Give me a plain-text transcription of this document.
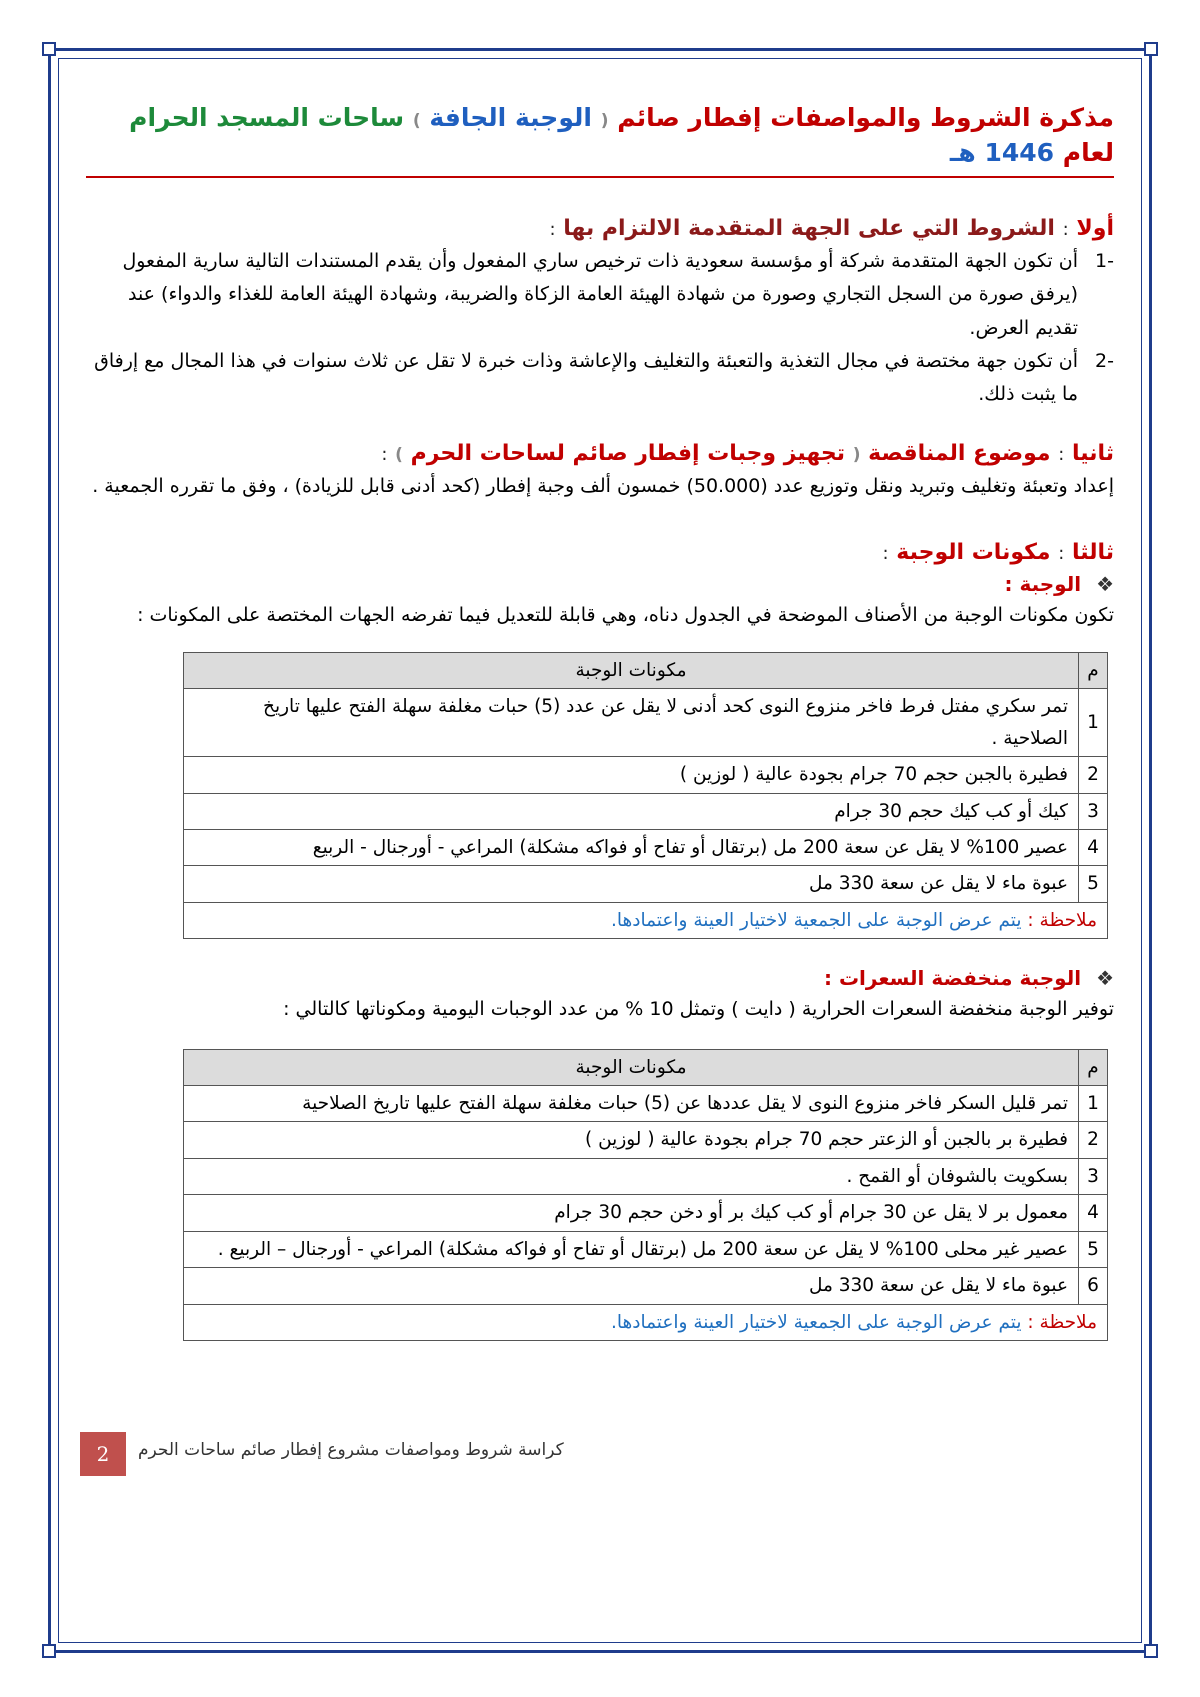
مذكرة الشروط والمواصفات إفطار صائم ( الوجبة الجافة ) ساحات المسجد الحرام لعام 1446 هـ
أولا : الشروط التي على الجهة المتقدمة الالتزام بها :
-1
أن تكون الجهة المتقدمة شركة أو مؤسسة سعودية ذات ترخيص ساري المفعول وأن يقدم المستندات التالية سارية المفعول (يرفق صورة من السجل التجاري وصورة من شهادة الهيئة العامة الزكاة والضريبة، وشهادة الهيئة العامة للغذاء والدواء) عند تقديم العرض.
-2
أن تكون جهة مختصة في مجال التغذية والتعبئة والتغليف والإعاشة وذات خبرة لا تقل عن ثلاث سنوات في هذا المجال مع إرفاق ما يثبت ذلك.
ثانيا : موضوع المناقصة ( تجهيز وجبات إفطار صائم لساحات الحرم ) :

إعداد وتعبئة وتغليف وتبريد ونقل وتوزيع عدد (50.000) خمسون ألف وجبة إفطار (كحد أدنى قابل للزيادة) ، وفق ما تقرره الجمعية .

ثالثا : مكونات الوجبة :
❖ الوجبة :

تكون مكونات الوجبة من الأصناف الموضحة في الجدول دناه، وهي قابلة للتعديل فيما تفرضه الجهات المختصة على المكونات :

م	مكونات الوجبة
1	تمر سكري مفتل فرط فاخر منزوع النوى كحد أدنى لا يقل عن عدد (5) حبات مغلفة سهلة الفتح عليها تاريخ الصلاحية .
2	فطيرة بالجبن حجم 70 جرام بجودة عالية ( لوزين )
3	كيك أو كب كيك حجم 30 جرام
4	عصير 100% لا يقل عن سعة 200 مل (برتقال أو تفاح أو فواكه مشكلة) المراعي - أورجنال - الربيع
5	عبوة ماء لا يقل عن سعة 330 مل
ملاحظة : يتم عرض الوجبة على الجمعية لاختيار العينة واعتمادها.	
❖ الوجبة منخفضة السعرات :

توفير الوجبة منخفضة السعرات الحرارية ( دايت ) وتمثل 10 % من عدد الوجبات اليومية ومكوناتها كالتالي :

م	مكونات الوجبة
1	تمر قليل السكر فاخر منزوع النوى لا يقل عددها عن (5) حبات مغلفة سهلة الفتح عليها تاريخ الصلاحية
2	فطيرة بر بالجبن أو الزعتر حجم 70 جرام بجودة عالية ( لوزين )
3	بسكويت بالشوفان أو القمح .
4	معمول بر لا يقل عن 30 جرام أو كب كيك بر أو دخن حجم 30 جرام
5	عصير غير محلى 100% لا يقل عن سعة 200 مل (برتقال أو تفاح أو فواكه مشكلة) المراعي - أورجنال – الربيع .
6	عبوة ماء لا يقل عن سعة 330 مل
ملاحظة : يتم عرض الوجبة على الجمعية لاختيار العينة واعتمادها.	
2	كراسة شروط ومواصفات مشروع إفطار صائم ساحات الحرم
